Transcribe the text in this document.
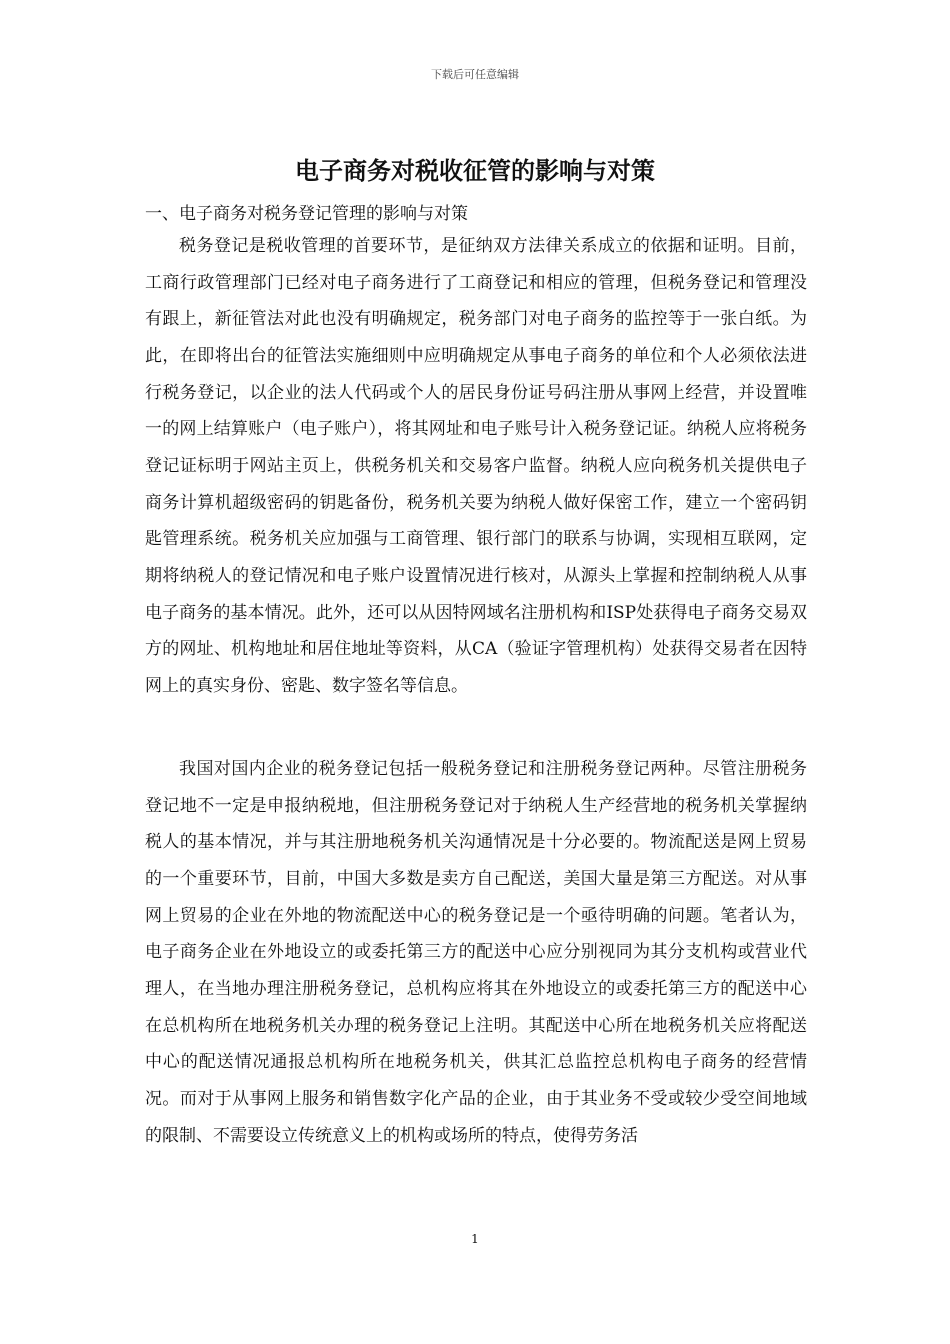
下载后可任意编辑
电子商务对税收征管的影响与对策
一、电子商务对税务登记管理的影响与对策

税务登记是税收管理的首要环节，是征纳双方法律关系成立的依据和证明。目前，工商行政管理部门已经对电子商务进行了工商登记和相应的管理，但税务登记和管理没有跟上，新征管法对此也没有明确规定，税务部门对电子商务的监控等于一张白纸。为此，在即将出台的征管法实施细则中应明确规定从事电子商务的单位和个人必须依法进行税务登记，以企业的法人代码或个人的居民身份证号码注册从事网上经营，并设置唯一的网上结算账户（电子账户），将其网址和电子账号计入税务登记证。纳税人应将税务登记证标明于网站主页上，供税务机关和交易客户监督。纳税人应向税务机关提供电子商务计算机超级密码的钥匙备份，税务机关要为纳税人做好保密工作，建立一个密码钥匙管理系统。税务机关应加强与工商管理、银行部门的联系与协调，实现相互联网，定期将纳税人的登记情况和电子账户设置情况进行核对，从源头上掌握和控制纳税人从事电子商务的基本情况。此外，还可以从因特网域名注册机构和ISP处获得电子商务交易双方的网址、机构地址和居住地址等资料，从CA（验证字管理机构）处获得交易者在因特网上的真实身份、密匙、数字签名等信息。

我国对国内企业的税务登记包括一般税务登记和注册税务登记两种。尽管注册税务登记地不一定是申报纳税地，但注册税务登记对于纳税人生产经营地的税务机关掌握纳税人的基本情况，并与其注册地税务机关沟通情况是十分必要的。物流配送是网上贸易的一个重要环节，目前，中国大多数是卖方自己配送，美国大量是第三方配送。对从事网上贸易的企业在外地的物流配送中心的税务登记是一个亟待明确的问题。笔者认为，电子商务企业在外地设立的或委托第三方的配送中心应分别视同为其分支机构或营业代理人，在当地办理注册税务登记，总机构应将其在外地设立的或委托第三方的配送中心在总机构所在地税务机关办理的税务登记上注明。其配送中心所在地税务机关应将配送中心的配送情况通报总机构所在地税务机关，供其汇总监控总机构电子商务的经营情况。而对于从事网上服务和销售数字化产品的企业，由于其业务不受或较少受空间地域的限制、不需要设立传统意义上的机构或场所的特点，使得劳务活

1
